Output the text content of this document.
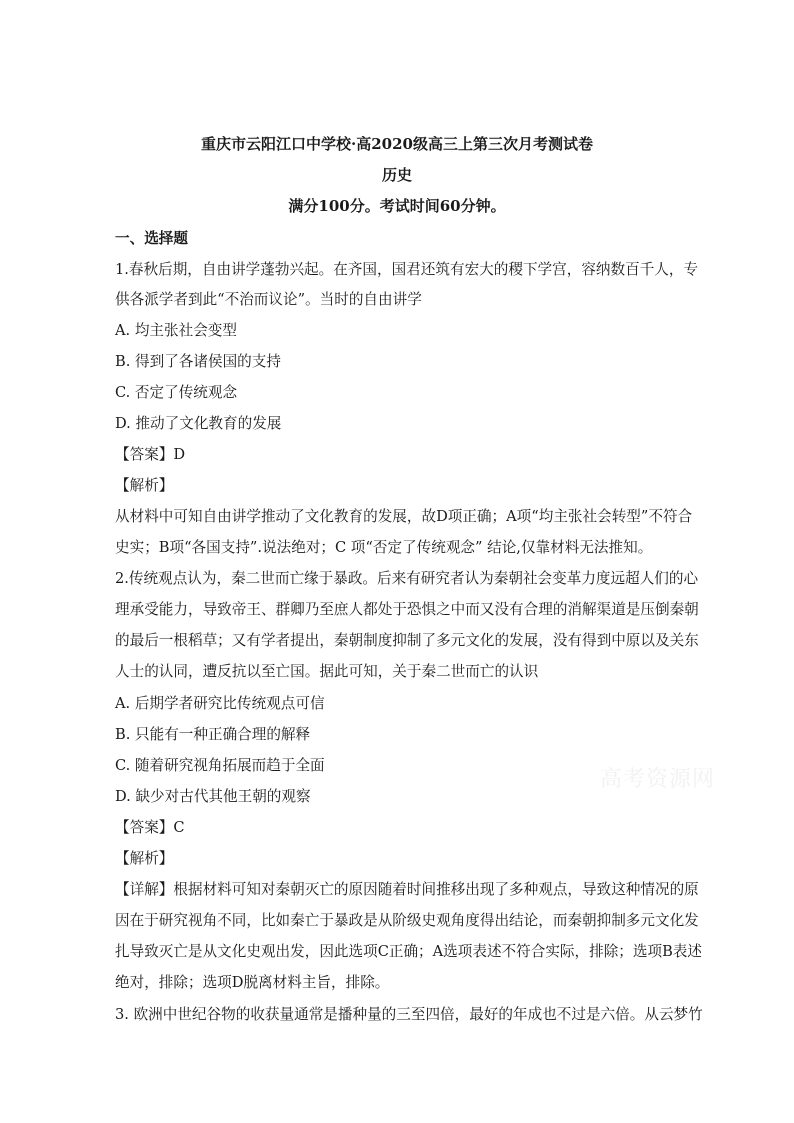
重庆市云阳江口中学校·高2020级高三上第三次月考测试卷
历史
满分100分。考试时间60分钟。
一、选择题
1.春秋后期，自由讲学蓬勃兴起。在齐国，国君还筑有宏大的稷下学宫，容纳数百千人，专
供各派学者到此“不治而议论”。当时的自由讲学
A. 均主张社会变型
B. 得到了各诸侯国的支持
C. 否定了传统观念
D. 推动了文化教育的发展
【答案】D
【解析】
从材料中可知自由讲学推动了文化教育的发展，故D项正确；A项“均主张社会转型”不符合
史实；B项“各国支持”.说法绝对；C 项“否定了传统观念” 结论,仅靠材料无法推知。
2.传统观点认为，秦二世而亡缘于暴政。后来有研究者认为秦朝社会变革力度远超人们的心
理承受能力，导致帝王、群卿乃至庶人都处于恐惧之中而又没有合理的消解渠道是压倒秦朝
的最后一根稻草；又有学者提出，秦朝制度抑制了多元文化的发展，没有得到中原以及关东
人士的认同，遭反抗以至亡国。据此可知，关于秦二世而亡的认识
A. 后期学者研究比传统观点可信
B. 只能有一种正确合理的解释
C. 随着研究视角拓展而趋于全面
D. 缺少对古代其他王朝的观察
【答案】C
【解析】
【详解】根据材料可知对秦朝灭亡的原因随着时间推移出现了多种观点，导致这种情况的原
因在于研究视角不同，比如秦亡于暴政是从阶级史观角度得出结论，而秦朝抑制多元文化发
扎导致灭亡是从文化史观出发，因此选项C正确；A选项表述不符合实际，排除；选项B表述
绝对，排除；选项D脱离材料主旨，排除。
3. 欧洲中世纪谷物的收获量通常是播种量的三至四倍，最好的年成也不过是六倍。从云梦竹
高考资源网
